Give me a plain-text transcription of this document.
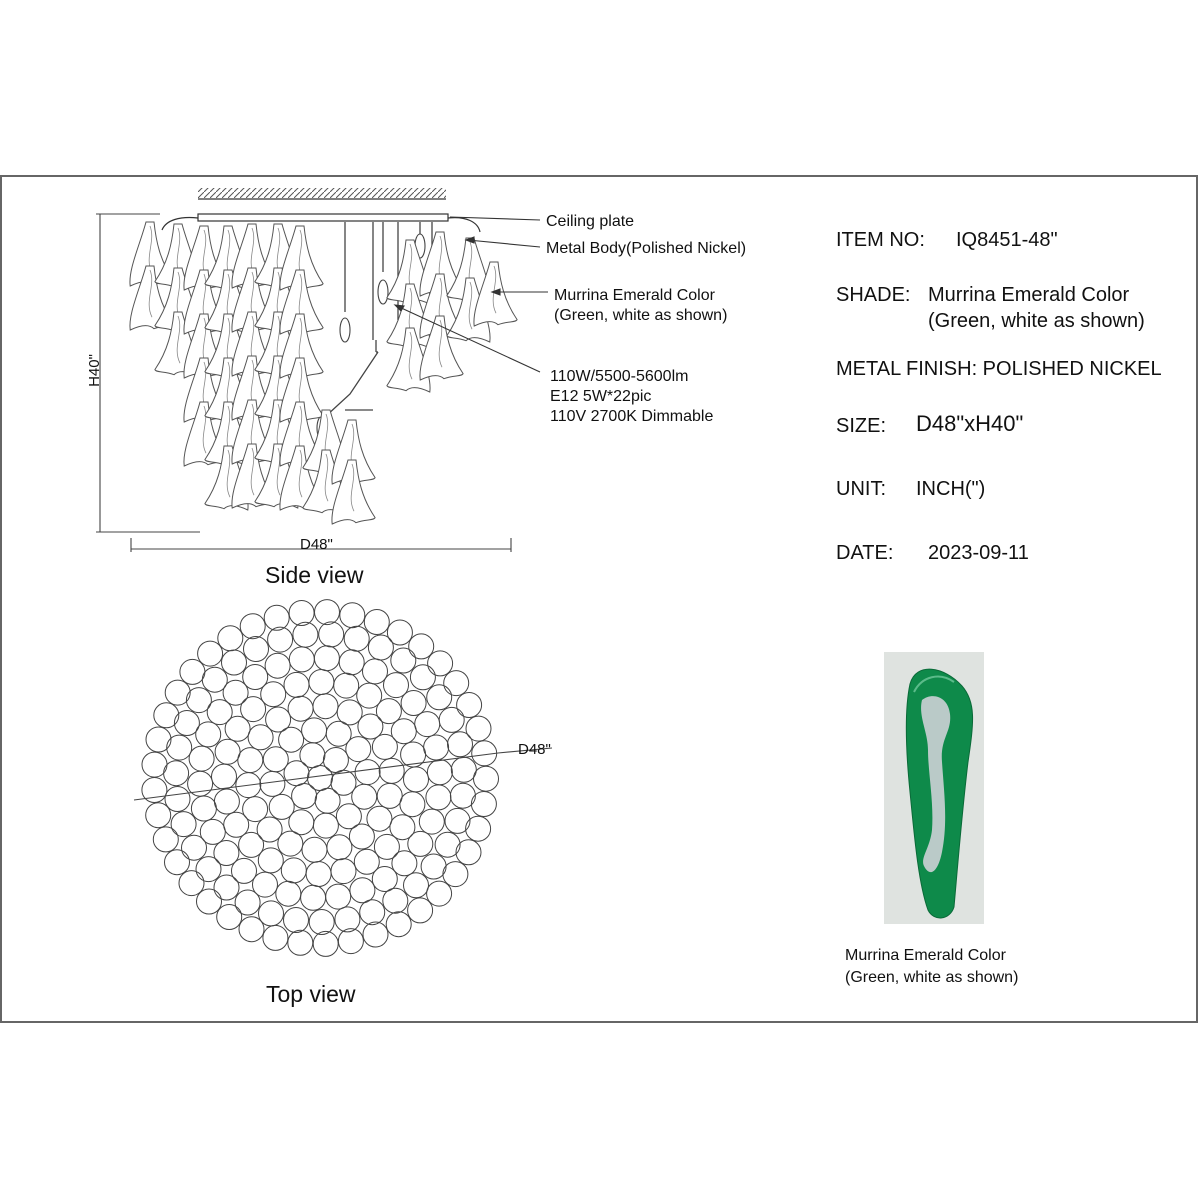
Ceiling plate
Metal Body(Polished Nickel)
Murrina Emerald Color
(Green, white as shown)
110W/5500-5600lm
E12 5W*22pic
110V 2700K Dimmable
H40"
D48"
Side view
D48"
Top view
ITEM NO: IQ8451-48"
SHADE: Murrina Emerald Color
(Green, white as shown)
METAL FINISH: POLISHED NICKEL
SIZE: D48"xH40"
UNIT: INCH(")
DATE: 2023-09-11
Murrina Emerald Color
(Green, white as shown)
